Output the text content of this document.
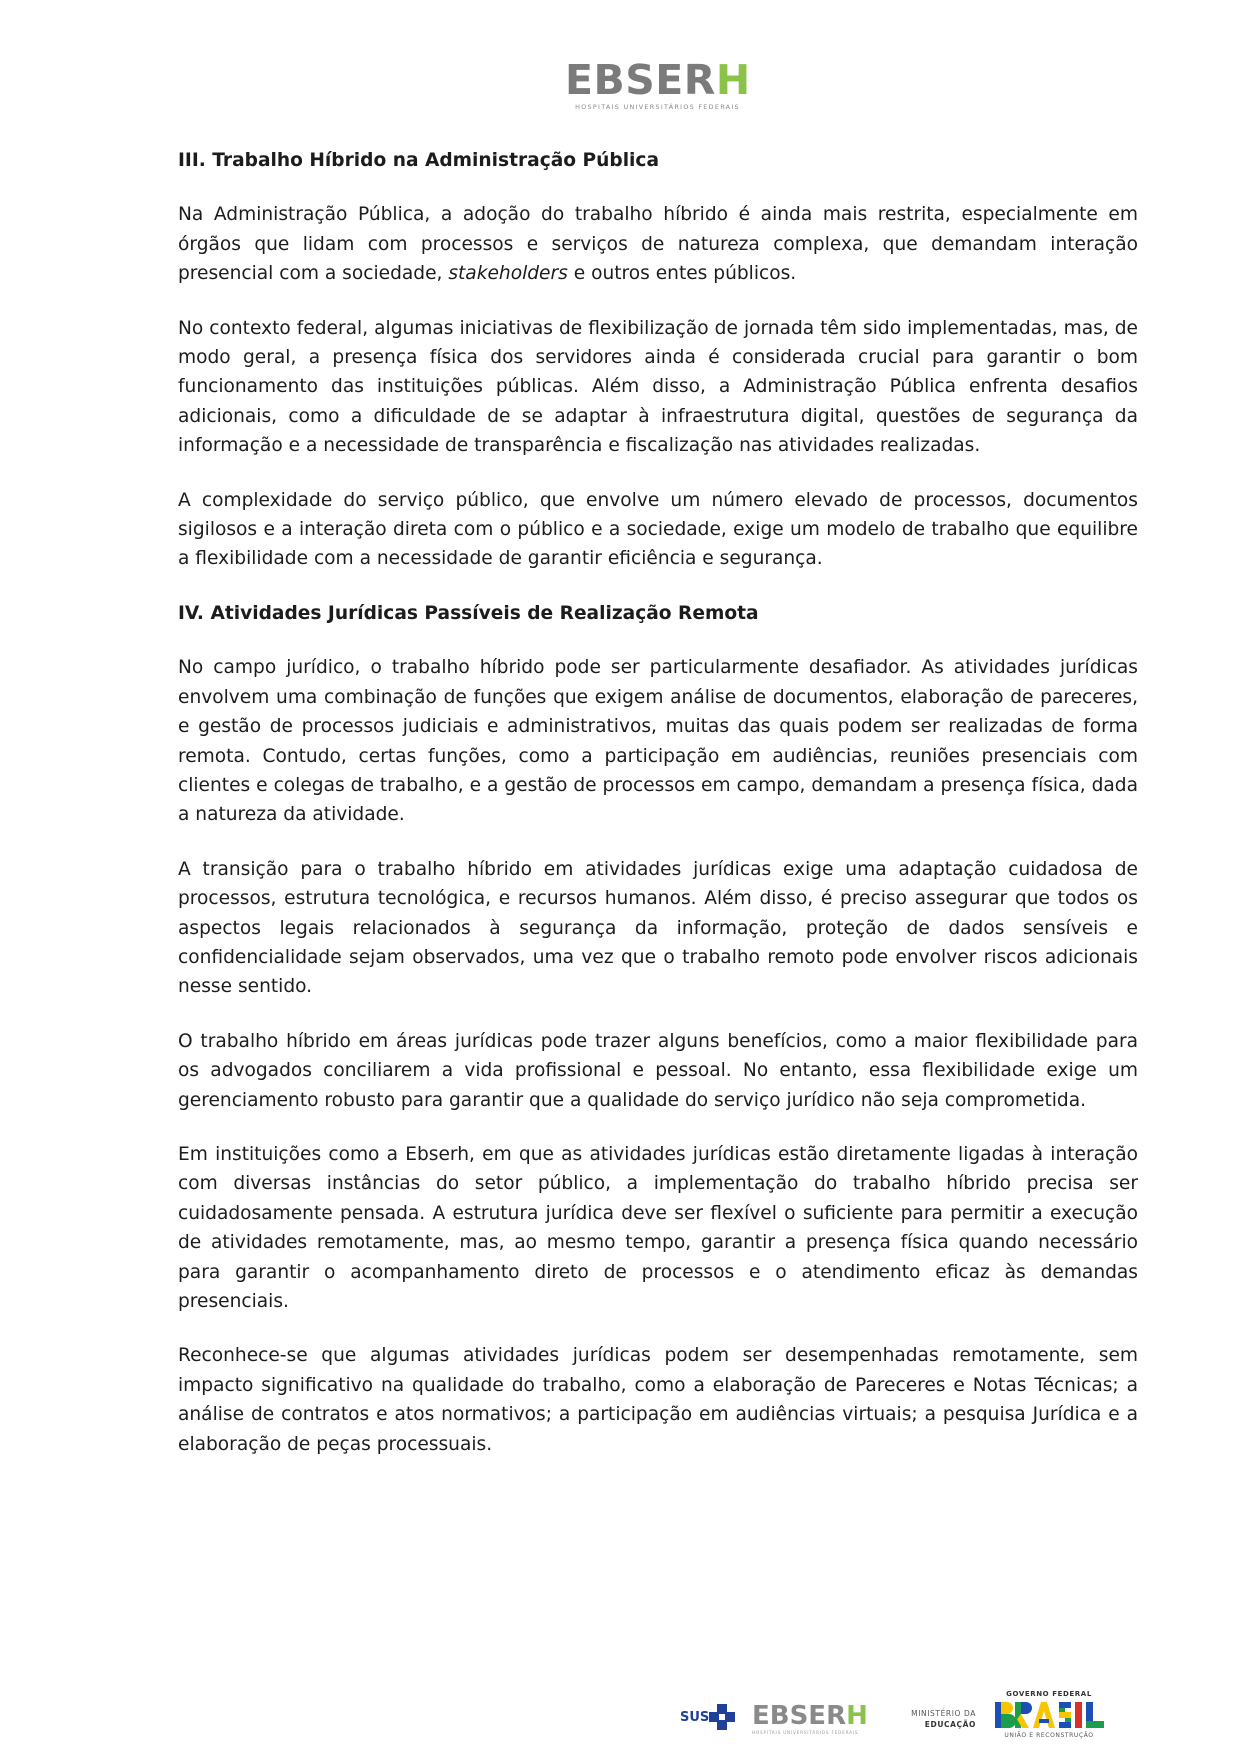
EBSERH
HOSPITAIS UNIVERSITÁRIOS FEDERAIS
III. Trabalho Híbrido na Administração Pública

Na Administração Pública, a adoção do trabalho híbrido é ainda mais restrita, especialmente em órgãos que lidam com processos e serviços de natureza complexa, que demandam interação presencial com a sociedade, stakeholders e outros entes públicos.

No contexto federal, algumas iniciativas de flexibilização de jornada têm sido implementadas, mas, de modo geral, a presença física dos servidores ainda é considerada crucial para garantir o bom funcionamento das instituições públicas. Além disso, a Administração Pública enfrenta desafios adicionais, como a dificuldade de se adaptar à infraestrutura digital, questões de segurança da informação e a necessidade de transparência e fiscalização nas atividades realizadas.

A complexidade do serviço público, que envolve um número elevado de processos, documentos sigilosos e a interação direta com o público e a sociedade, exige um modelo de trabalho que equilibre a flexibilidade com a necessidade de garantir eficiência e segurança.

IV. Atividades Jurídicas Passíveis de Realização Remota

No campo jurídico, o trabalho híbrido pode ser particularmente desafiador. As atividades jurídicas envolvem uma combinação de funções que exigem análise de documentos, elaboração de pareceres, e gestão de processos judiciais e administrativos, muitas das quais podem ser realizadas de forma remota. Contudo, certas funções, como a participação em audiências, reuniões presenciais com clientes e colegas de trabalho, e a gestão de processos em campo, demandam a presença física, dada a natureza da atividade.

A transição para o trabalho híbrido em atividades jurídicas exige uma adaptação cuidadosa de processos, estrutura tecnológica, e recursos humanos. Além disso, é preciso assegurar que todos os aspectos legais relacionados à segurança da informação, proteção de dados sensíveis e confidencialidade sejam observados, uma vez que o trabalho remoto pode envolver riscos adicionais nesse sentido.

O trabalho híbrido em áreas jurídicas pode trazer alguns benefícios, como a maior flexibilidade para os advogados conciliarem a vida profissional e pessoal. No entanto, essa flexibilidade exige um gerenciamento robusto para garantir que a qualidade do serviço jurídico não seja comprometida.

Em instituições como a Ebserh, em que as atividades jurídicas estão diretamente ligadas à interação com diversas instâncias do setor público, a implementação do trabalho híbrido precisa ser cuidadosamente pensada. A estrutura jurídica deve ser flexível o suficiente para permitir a execução de atividades remotamente, mas, ao mesmo tempo, garantir a presença física quando necessário para garantir o acompanhamento direto de processos e o atendimento eficaz às demandas presenciais.

Reconhece-se que algumas atividades jurídicas podem ser desempenhadas remotamente, sem impacto significativo na qualidade do trabalho, como a elaboração de Pareceres e Notas Técnicas; a análise de contratos e atos normativos; a participação em audiências virtuais; a pesquisa Jurídica e a elaboração de peças processuais.

SUS EBSERH
HOSPITAIS UNIVERSITÁRIOS FEDERAIS
MINISTÉRIO DA
EDUCAÇÃO
GOVERNO FEDERAL
UNIÃO E RECONSTRUÇÃO
